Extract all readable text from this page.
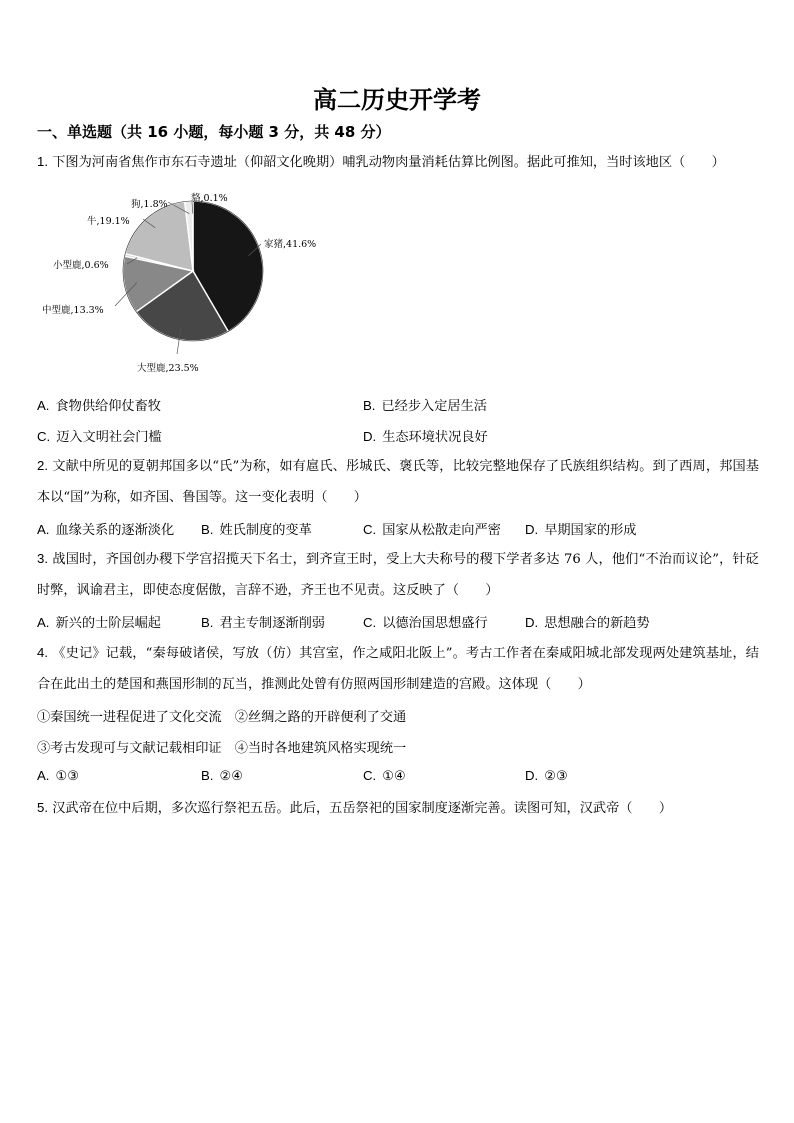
高二历史开学考
一、单选题（共 16 小题，每小题 3 分，共 48 分）
1. 下图为河南省焦作市东石寺遗址（仰韶文化晚期）哺乳动物肉量消耗估算比例图。据此可推知，当时该地区（　　）
家猪,41.6%
大型鹿,23.5%
中型鹿,13.3%
小型鹿,0.6%
牛,19.1%
狗,1.8%
貉,0.1%
A. 食物供给仰仗畜牧	B. 已经步入定居生活
C. 迈入文明社会门槛	D. 生态环境状况良好
2. 文献中所见的夏朝邦国多以“氏”为称，如有扈氏、彤城氏、褒氏等，比较完整地保存了氏族组织结构。到了西周，邦国基本以“国”为称，如齐国、鲁国等。这一变化表明（　　）
A. 血缘关系的逐渐淡化 B. 姓氏制度的变革	C. 国家从松散走向严密 D. 早期国家的形成
3. 战国时，齐国创办稷下学宫招揽天下名士，到齐宣王时，受上大夫称号的稷下学者多达 76 人，他们“不治而议论”，针砭时弊，讽谕君主，即使态度倨傲，言辞不逊，齐王也不见责。这反映了（　　）
A. 新兴的士阶层崛起	B. 君主专制逐渐削弱	C. 以德治国思想盛行	D. 思想融合的新趋势
4. 《史记》记载，“秦每破诸侯，写放（仿）其宫室，作之咸阳北阪上”。考古工作者在秦咸阳城北部发现两处建筑基址，结合在此出土的楚国和燕国形制的瓦当，推测此处曾有仿照两国形制建造的宫殿。这体现（　　）
①秦国统一进程促进了文化交流　②丝绸之路的开辟便利了交通
③考古发现可与文献记载相印证　④当时各地建筑风格实现统一
A. ①③	B. ②④	C. ①④	D. ②③
5. 汉武帝在位中后期，多次巡行祭祀五岳。此后，五岳祭祀的国家制度逐渐完善。读图可知，汉武帝（　　）
